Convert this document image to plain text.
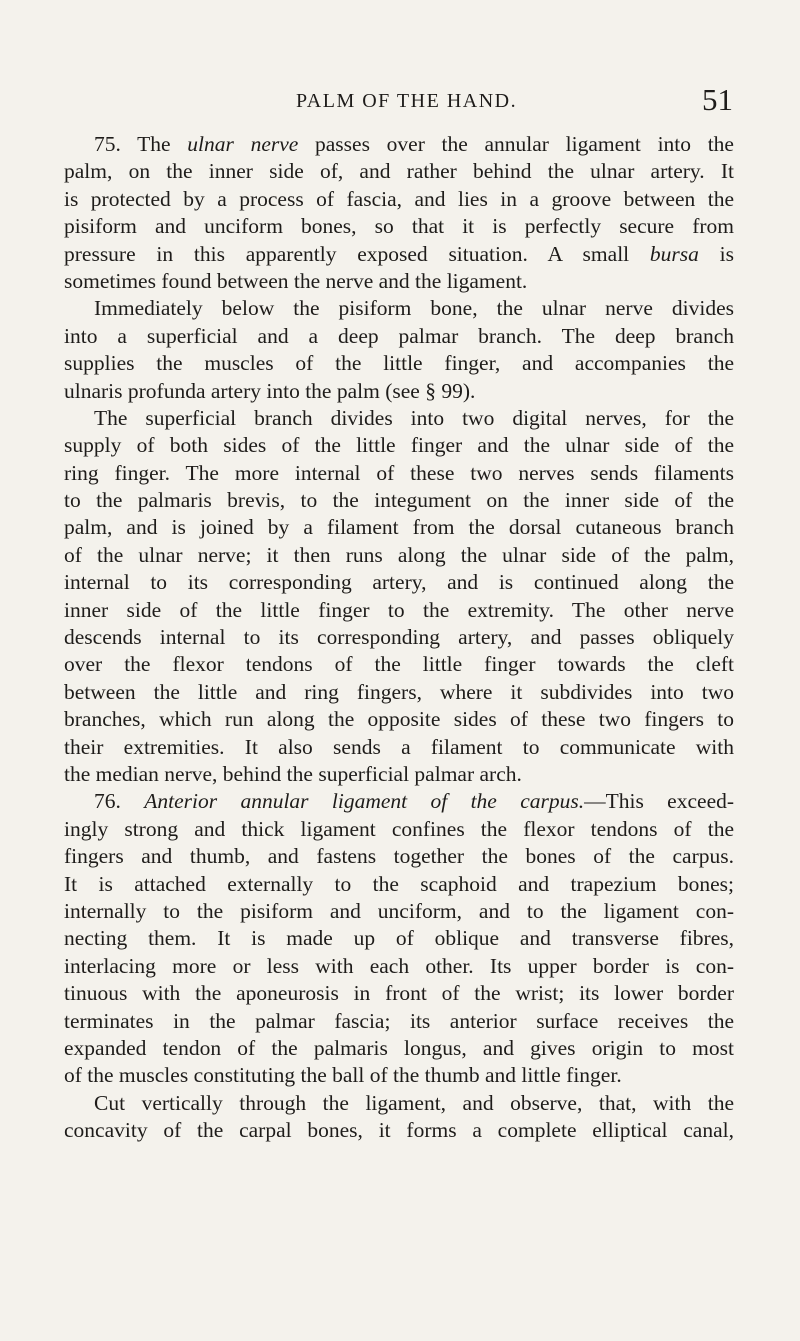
PALM OF THE HAND.	51
75. The ulnar nerve passes over the annular ligament into the
palm, on the inner side of, and rather behind the ulnar artery. It
is protected by a process of fascia, and lies in a groove between the
pisiform and unciform bones, so that it is perfectly secure from
pressure in this apparently exposed situation. A small bursa is
sometimes found between the nerve and the ligament.
Immediately below the pisiform bone, the ulnar nerve divides
into a superficial and a deep palmar branch. The deep branch
supplies the muscles of the little finger, and accompanies the
ulnaris profunda artery into the palm (see § 99).
The superficial branch divides into two digital nerves, for the
supply of both sides of the little finger and the ulnar side of the
ring finger. The more internal of these two nerves sends filaments
to the palmaris brevis, to the integument on the inner side of the
palm, and is joined by a filament from the dorsal cutaneous branch
of the ulnar nerve; it then runs along the ulnar side of the palm,
internal to its corresponding artery, and is continued along the
inner side of the little finger to the extremity. The other nerve
descends internal to its corresponding artery, and passes obliquely
over the flexor tendons of the little finger towards the cleft
between the little and ring fingers, where it subdivides into two
branches, which run along the opposite sides of these two fingers to
their extremities. It also sends a filament to communicate with
the median nerve, behind the superficial palmar arch.
76. Anterior annular ligament of the carpus.—This exceed-
ingly strong and thick ligament confines the flexor tendons of the
fingers and thumb, and fastens together the bones of the carpus.
It is attached externally to the scaphoid and trapezium bones;
internally to the pisiform and unciform, and to the ligament con-
necting them. It is made up of oblique and transverse fibres,
interlacing more or less with each other. Its upper border is con-
tinuous with the aponeurosis in front of the wrist; its lower border
terminates in the palmar fascia; its anterior surface receives the
expanded tendon of the palmaris longus, and gives origin to most
of the muscles constituting the ball of the thumb and little finger.
Cut vertically through the ligament, and observe, that, with the
concavity of the carpal bones, it forms a complete elliptical canal,
